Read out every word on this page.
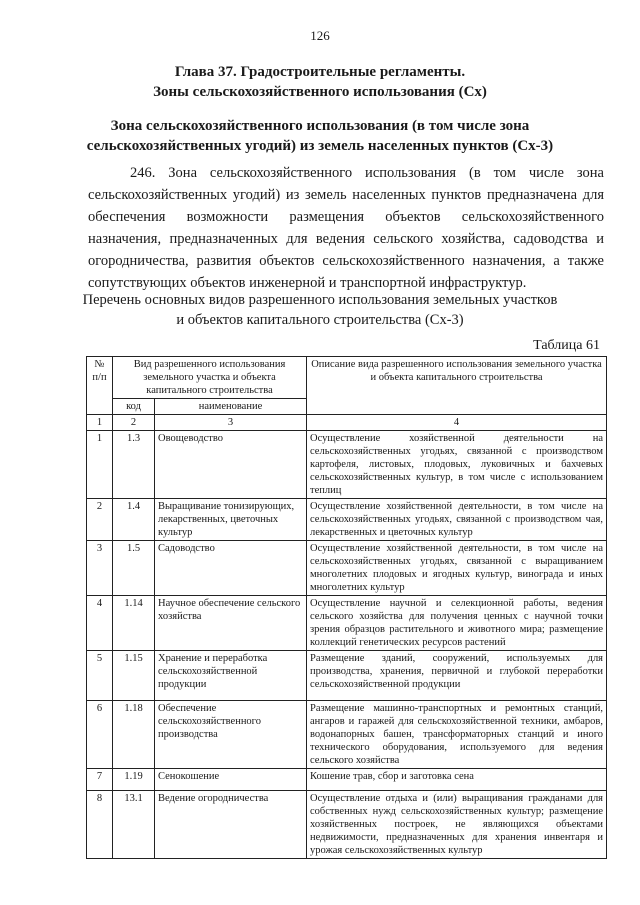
126
Глава 37. Градостроительные регламенты.
Зоны сельскохозяйственного использования (Сх)
Зона сельскохозяйственного использования (в том числе зона
сельскохозяйственных угодий) из земель населенных пунктов (Сх-3)
246. Зона сельскохозяйственного использования (в том числе зона сельскохозяйственных угодий) из земель населенных пунктов предназначена для обеспечения возможности размещения объектов сельскохозяйственного назначения, предназначенных для ведения сельского хозяйства, садоводства и огородничества, развития объектов сельскохозяйственного назначения, а также сопутствующих объектов инженерной и транспортной инфраструктур.
Перечень основных видов разрешенного использования земельных участков
и объектов капитального строительства (Сх-3)
Таблица 61
№ п/п	Вид разрешенного использования земельного участка и объекта капитального строительства		Описание вида разрешенного использования земельного участка и объекта капитального строительства
	код	наименование	
1	2	3	4
1	1.3	Овощеводство	Осуществление хозяйственной деятельности на сельскохозяйственных угодьях, связанной с производством картофеля, листовых, плодовых, луковичных и бахчевых сельскохозяйственных культур, в том числе с использованием теплиц
2	1.4	Выращивание тонизирующих, лекарственных, цветочных культур	Осуществление хозяйственной деятельности, в том числе на сельскохозяйственных угодьях, связанной с производством чая, лекарственных и цветочных культур
3	1.5	Садоводство	Осуществление хозяйственной деятельности, в том числе на сельскохозяйственных угодьях, связанной с выращиванием многолетних плодовых и ягодных культур, винограда и иных многолетних культур
4	1.14	Научное обеспечение сельского хозяйства	Осуществление научной и селекционной работы, ведения сельского хозяйства для получения ценных с научной точки зрения образцов растительного и животного мира; размещение коллекций генетических ресурсов растений
5	1.15	Хранение и переработка сельскохозяйственной продукции	Размещение зданий, сооружений, используемых для производства, хранения, первичной и глубокой переработки сельскохозяйственной продукции
6	1.18	Обеспечение сельскохозяйственного производства	Размещение машинно-транспортных и ремонтных станций, ангаров и гаражей для сельскохозяйственной техники, амбаров, водонапорных башен, трансформаторных станций и иного технического оборудования, используемого для ведения сельского хозяйства
7	1.19	Сенокошение	Кошение трав, сбор и заготовка сена
8	13.1	Ведение огородничества	Осуществление отдыха и (или) выращивания гражданами для собственных нужд сельскохозяйственных культур; размещение хозяйственных построек, не являющихся объектами недвижимости, предназначенных для хранения инвентаря и урожая сельскохозяйственных культур
